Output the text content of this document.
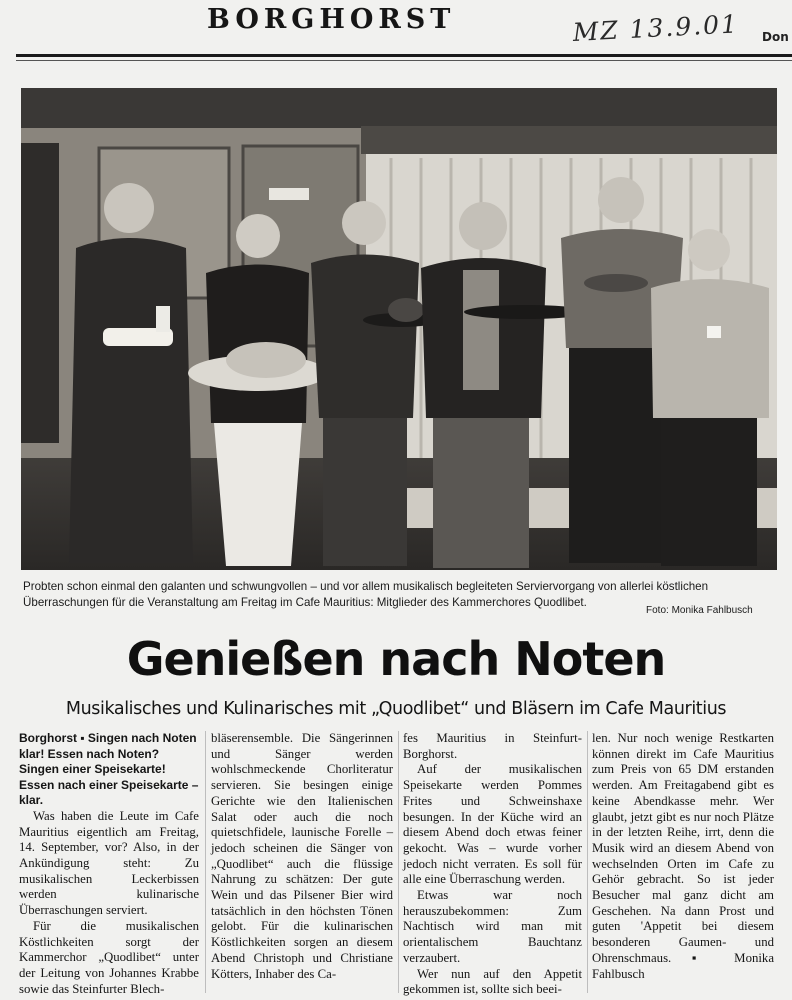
BORGHORST	MZ 13.9.01 Don
Probten schon einmal den galanten und schwungvollen – und vor allem musikalisch begleiteten Serviervorgang von allerlei köstlichen Überraschungen für die Veranstaltung am Freitag im Cafe Mauritius: Mitglieder des Kammerchores Quodlibet.
Foto: Monika Fahlbusch
Genießen nach Noten
Musikalisches und Kulinarisches mit „Quodlibet“ und Bläsern im Cafe Mauritius

Borghorst ▪ Singen nach Noten klar! Essen nach Noten? Singen einer Speisekarte! Essen nach einer Speisekarte – klar.

Was haben die Leute im Cafe Mauritius eigentlich am Freitag, 14. September, vor? Also, in der Ankündigung steht: Zu musikalischen Leckerbissen werden kulinarische Überraschungen serviert.

Für die musikalischen Köstlichkeiten sorgt der Kammerchor „Quodlibet“ unter der Leitung von Johannes Krabbe sowie das Steinfurter Blech-

bläserensemble. Die Sängerinnen und Sänger werden wohlschmeckende Chorliteratur servieren. Sie besingen einige Gerichte wie den Italienischen Salat oder auch die noch quietschfidele, launische Forelle – jedoch scheinen die Sänger von „Quodlibet“ auch die flüssige Nahrung zu schätzen: Der gute Wein und das Pilsener Bier wird tatsächlich in den höchsten Tönen gelobt. Für die kulinarischen Köstlichkeiten sorgen an diesem Abend Christoph und Christiane Kötters, Inhaber des Ca-

fes Mauritius in Steinfurt-Borghorst.

Auf der musikalischen Speisekarte werden Pommes Frites und Schweinshaxe besungen. In der Küche wird an diesem Abend doch etwas feiner gekocht. Was – wurde vorher jedoch nicht verraten. Es soll für alle eine Überraschung werden.

Etwas war noch herauszubekommen: Zum Nachtisch wird man mit orientalischem Bauchtanz verzaubert.

Wer nun auf den Appetit gekommen ist, sollte sich beei-

len. Nur noch wenige Restkarten können direkt im Cafe Mauritius zum Preis von 65 DM erstanden werden. Am Freitagabend gibt es keine Abendkasse mehr. Wer glaubt, jetzt gibt es nur noch Plätze in der letzten Reihe, irrt, denn die Musik wird an diesem Abend von wechselnden Orten im Cafe zu Gehör gebracht. So ist jeder Besucher mal ganz dicht am Geschehen. Na dann Prost und guten 'Appetit bei diesem besonderen Gaumen- und Ohrenschmaus. ▪ Monika Fahlbusch
